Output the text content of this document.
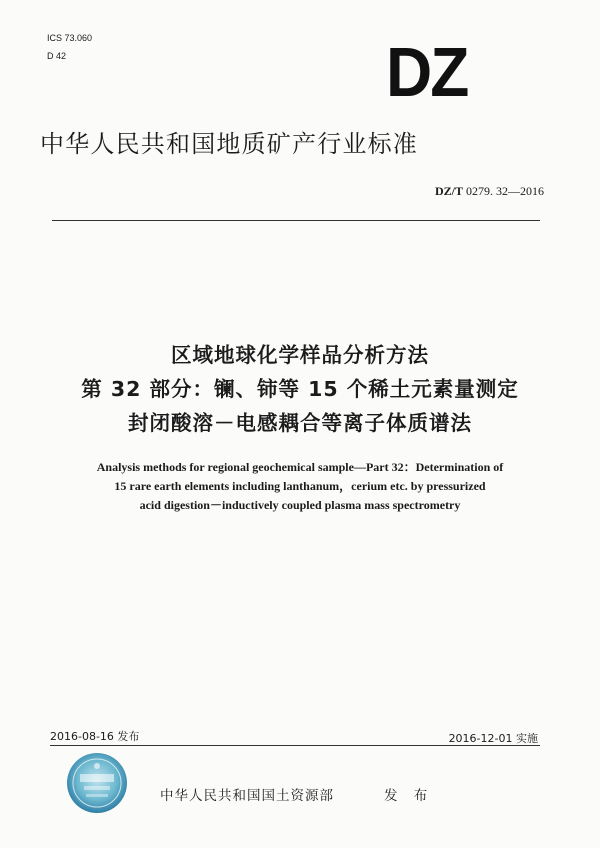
ICS 73.060
D 42	DZ
中华人民共和国地质矿产行业标准
DZ/T 0279. 32—2016
区域地球化学样品分析方法
第 32 部分：镧、铈等 15 个稀土元素量测定
封闭酸溶－电感耦合等离子体质谱法
Analysis methods for regional geochemical sample—Part 32：Determination of
15 rare earth elements including lanthanum，cerium etc. by pressurized
acid digestion－inductively coupled plasma mass spectrometry
2016-08-16 发布	2016-12-01 实施
中华人民共和国国土资源部	发 布
